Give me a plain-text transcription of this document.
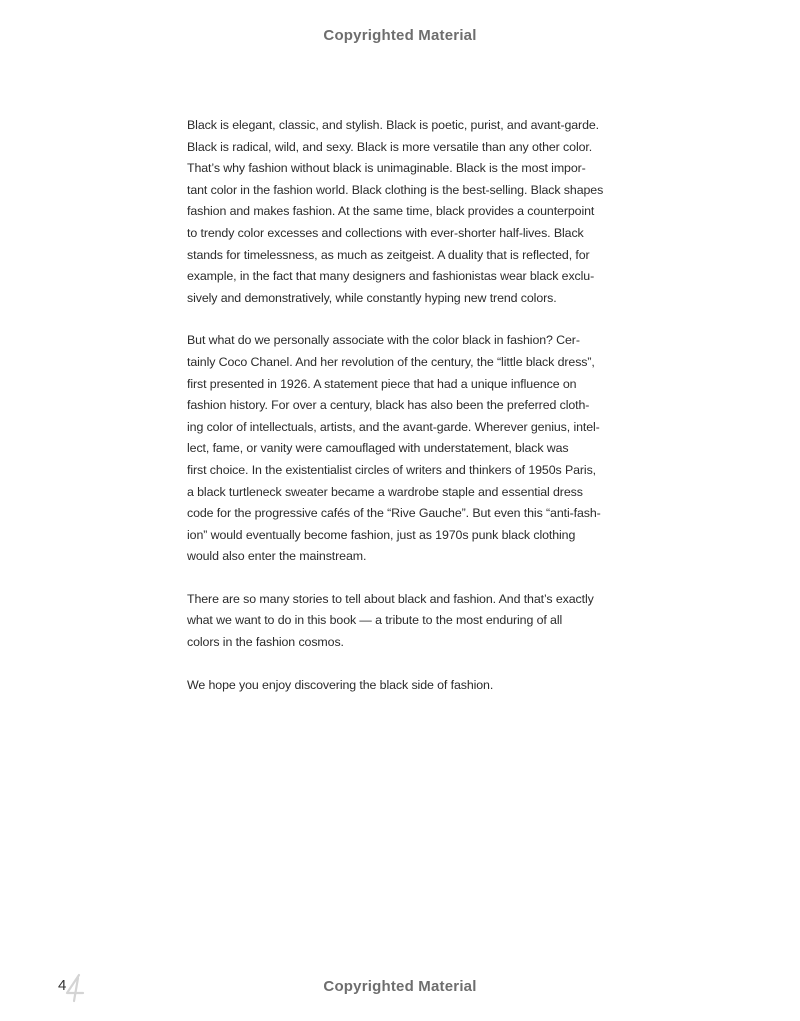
Copyrighted Material
Black is elegant, classic, and stylish. Black is poetic, purist, and avant-garde.
Black is radical, wild, and sexy. Black is more versatile than any other color.
That’s why fashion without black is unimaginable. Black is the most impor-
tant color in the fashion world. Black clothing is the best-selling. Black shapes
fashion and makes fashion. At the same time, black provides a counterpoint
to trendy color excesses and collections with ever-shorter half-lives. Black
stands for timelessness, as much as zeitgeist. A duality that is reflected, for
example, in the fact that many designers and fashionistas wear black exclu-
sively and demonstratively, while constantly hyping new trend colors.
But what do we personally associate with the color black in fashion? Cer-
tainly Coco Chanel. And her revolution of the century, the “little black dress”,
first presented in 1926. A statement piece that had a unique influence on
fashion history. For over a century, black has also been the preferred cloth-
ing color of intellectuals, artists, and the avant-garde. Wherever genius, intel-
lect, fame, or vanity were camouflaged with understatement, black was
first choice. In the existentialist circles of writers and thinkers of 1950s Paris,
a black turtleneck sweater became a wardrobe staple and essential dress
code for the progressive cafés of the “Rive Gauche”. But even this “anti-fash-
ion” would eventually become fashion, just as 1970s punk black clothing
would also enter the mainstream.
There are so many stories to tell about black and fashion. And that’s exactly
what we want to do in this book — a tribute to the most enduring of all
colors in the fashion cosmos.
We hope you enjoy discovering the black side of fashion.
4	Copyrighted Material
